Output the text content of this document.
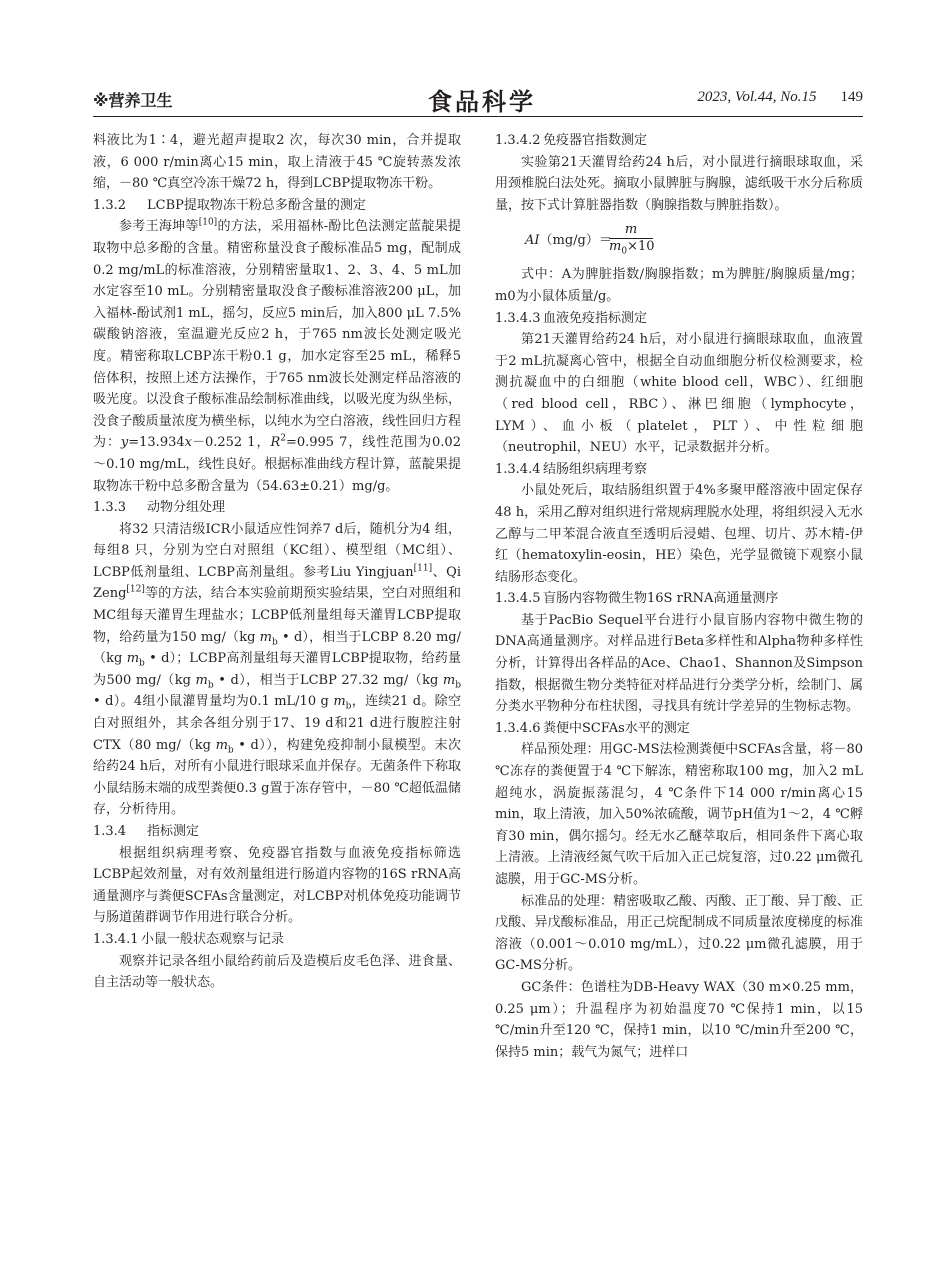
※营养卫生	食品科学	2023, Vol.44, No.15 149

料液比为1∶4，避光超声提取2 次，每次30 min，合并提取液，6 000 r/min离心15 min，取上清液于45 ℃旋转蒸发浓缩，－80 ℃真空冷冻干燥72 h，得到LCBP提取物冻干粉。

1.3.2 LCBP提取物冻干粉总多酚含量的测定

参考王海坤等[10]的方法，采用福林-酚比色法测定蓝靛果提取物中总多酚的含量。精密称量没食子酸标准品5 mg，配制成0.2 mg/mL的标准溶液，分别精密量取1、2、3、4、5 mL加水定容至10 mL。分别精密量取没食子酸标准溶液200 μL，加入福林-酚试剂1 mL，摇匀，反应5 min后，加入800 μL 7.5%碳酸钠溶液，室温避光反应2 h，于765 nm波长处测定吸光度。精密称取LCBP冻干粉0.1 g，加水定容至25 mL，稀释5 倍体积，按照上述方法操作，于765 nm波长处测定样品溶液的吸光度。以没食子酸标准品绘制标准曲线，以吸光度为纵坐标，没食子酸质量浓度为横坐标，以纯水为空白溶液，线性回归方程为：y=13.934x－0.252 1，$R^2=0.995$ 7，线性范围为0.02～0.10 mg/mL，线性良好。根据标准曲线方程计算，蓝靛果提取物冻干粉中总多酚含量为（54.63±0.21）mg/g。

1.3.3 动物分组处理

将32 只清洁级ICR小鼠适应性饲养7 d后，随机分为4 组，每组8 只，分别为空白对照组（KC组）、模型组（MC组）、LCBP低剂量组、LCBP高剂量组。参考Liu Yingjuan[11]、Qi Zeng[12]等的方法，结合本实验前期预实验结果，空白对照组和MC组每天灌胃生理盐水；LCBP低剂量组每天灌胃LCBP提取物，给药量为150 mg/（kg $m_b$ • d），相当于LCBP 8.20 mg/（kg $m_b$ • d）；LCBP高剂量组每天灌胃LCBP提取物，给药量为500 mg/（kg $m_b$ • d），相当于LCBP 27.32 mg/（kg $m_b$ • d）。4组小鼠灌胃量均为0.1 mL/10 g $m_b$，连续21 d。除空白对照组外，其余各组分别于17、19 d和21 d进行腹腔注射CTX（80 mg/（kg $m_b$ • d）），构建免疫抑制小鼠模型。末次给药24 h后，对所有小鼠进行眼球采血并保存。无菌条件下称取小鼠结肠末端的成型粪便0.3 g置于冻存管中，－80 ℃超低温储存，分析待用。

1.3.4 指标测定

根据组织病理考察、免疫器官指数与血液免疫指标筛选LCBP起效剂量，对有效剂量组进行肠道内容物的16S rRNA高通量测序与粪便SCFAs含量测定，对LCBP对机体免疫功能调节与肠道菌群调节作用进行联合分析。

1.3.4.1 小鼠一般状态观察与记录

观察并记录各组小鼠给药前后及造模后皮毛色泽、进食量、自主活动等一般状态。

1.3.4.2 免疫器官指数测定

实验第21天灌胃给药24 h后，对小鼠进行摘眼球取血，采用颈椎脱臼法处死。摘取小鼠脾脏与胸腺，滤纸吸干水分后称质量，按下式计算脏器指数（胸腺指数与脾脏指数）。

AI（mg/g）＝
$\frac{m}{m_0\times 10}$

式中：A为脾脏指数/胸腺指数；m为脾脏/胸腺质量/mg；m0为小鼠体质量/g。

1.3.4.3 血液免疫指标测定

第21天灌胃给药24 h后，对小鼠进行摘眼球取血，血液置于2 mL抗凝离心管中，根据全自动血细胞分析仪检测要求，检测抗凝血中的白细胞（white blood cell，WBC）、红细胞（red blood cell，RBC）、淋巴细胞（lymphocyte，LYM）、血小板（platelet，PLT）、中性粒细胞（neutrophil，NEU）水平，记录数据并分析。

1.3.4.4 结肠组织病理考察

小鼠处死后，取结肠组织置于4%多聚甲醛溶液中固定保存48 h，采用乙醇对组织进行常规病理脱水处理，将组织浸入无水乙醇与二甲苯混合液直至透明后浸蜡、包埋、切片、苏木精-伊红（hematoxylin-eosin，HE）染色，光学显微镜下观察小鼠结肠形态变化。

1.3.4.5 盲肠内容物微生物16S rRNA高通量测序

基于PacBio Sequel平台进行小鼠盲肠内容物中微生物的DNA高通量测序。对样品进行Beta多样性和Alpha物种多样性分析，计算得出各样品的Ace、Chao1、Shannon及Simpson指数，根据微生物分类特征对样品进行分类学分析，绘制门、属分类水平物种分布柱状图，寻找具有统计学差异的生物标志物。

1.3.4.6 粪便中SCFAs水平的测定

样品预处理：用GC-MS法检测粪便中SCFAs含量，将－80 ℃冻存的粪便置于4 ℃下解冻，精密称取100 mg，加入2 mL超纯水，涡旋振荡混匀，4 ℃条件下14 000 r/min离心15 min，取上清液，加入50%浓硫酸，调节pH值为1～2，4 ℃孵育30 min，偶尔摇匀。经无水乙醚萃取后，相同条件下离心取上清液。上清液经氮气吹干后加入正己烷复溶，过0.22 μm微孔滤膜，用于GC-MS分析。

标准品的处理：精密吸取乙酸、丙酸、正丁酸、异丁酸、正戊酸、异戊酸标准品，用正己烷配制成不同质量浓度梯度的标准溶液（0.001～0.010 mg/mL），过0.22 μm微孔滤膜，用于GC-MS分析。

GC条件：色谱柱为DB-Heavy WAX（30 m×0.25 mm，0.25 μm）；升温程序为初始温度70 ℃保持1 min，以15 ℃/min升至120 ℃，保持1 min，以10 ℃/min升至200 ℃，保持5 min；载气为氮气；进样口
